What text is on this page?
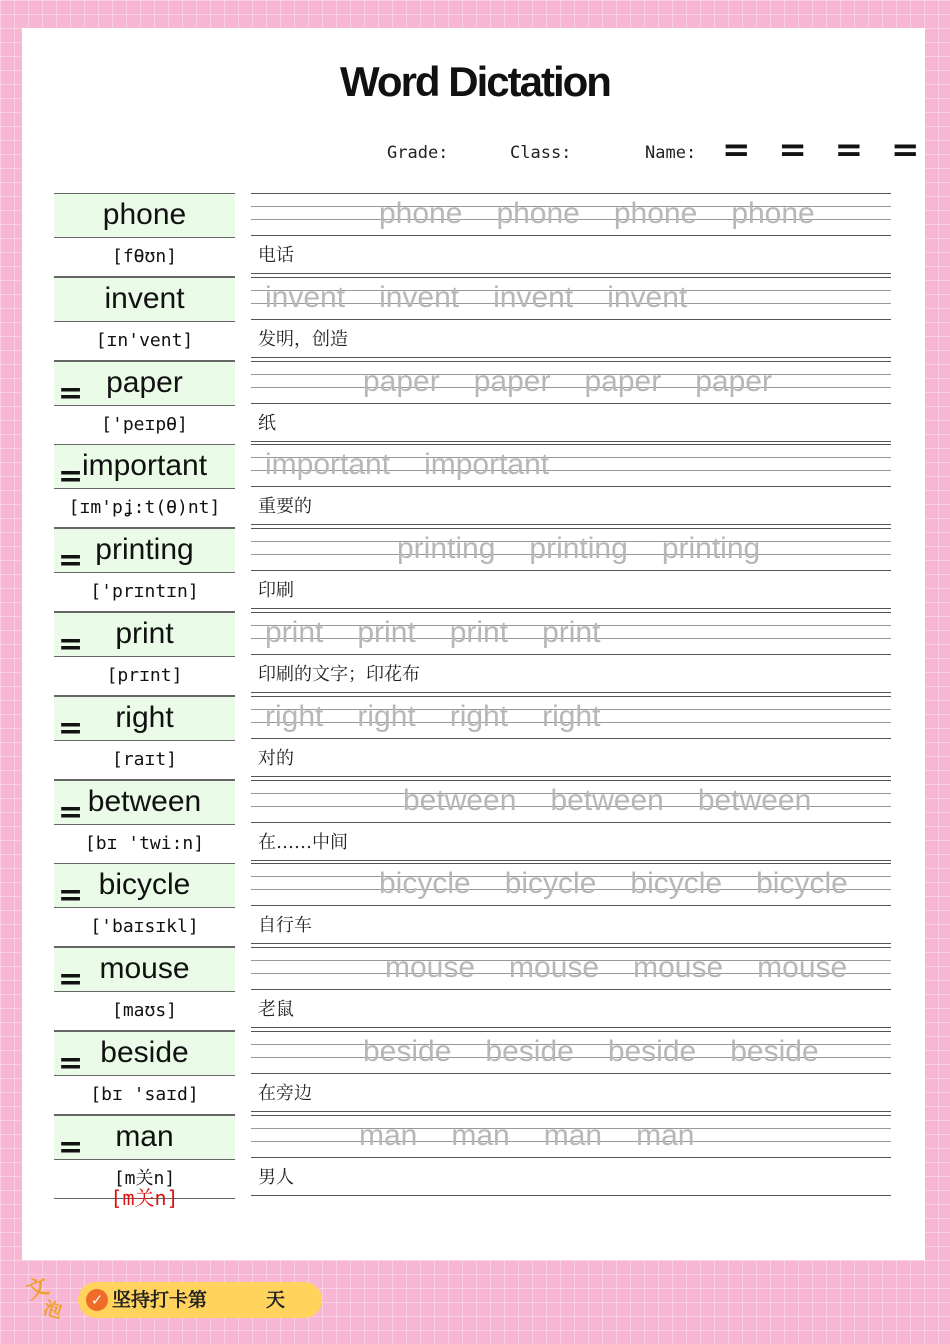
Word Dictation
Grade:	Class:	Name: = = = =
phone
[fƟʊn]
phone phone phone phone
电话
invent
[ɪn'vent]
invent invent invent invent
发明，创造
paper
['peɪpƟ]
=	paper paper paper paper
纸
important
[ɪm'pʝ:t(Ɵ)nt]
=	important important
重要的
printing
['prɪntɪn]
=	printing printing printing
印刷
print
[prɪnt]
=	print print print print
印刷的文字；印花布
right
[raɪt]
=	right right right right
对的
between
[bɪ 'twi:n]
=	between between between
在……中间
bicycle
['baɪsɪkl]
=	bicycle bicycle bicycle bicycle
自行车
mouse
[maʊs]
=	mouse mouse mouse mouse
老鼠
beside
[bɪ 'saɪd]
=	beside beside beside beside
在旁边
man
[m关n]
=	man man man man
男人
[m关n]
文
泡	✓ 坚持打卡第	天
